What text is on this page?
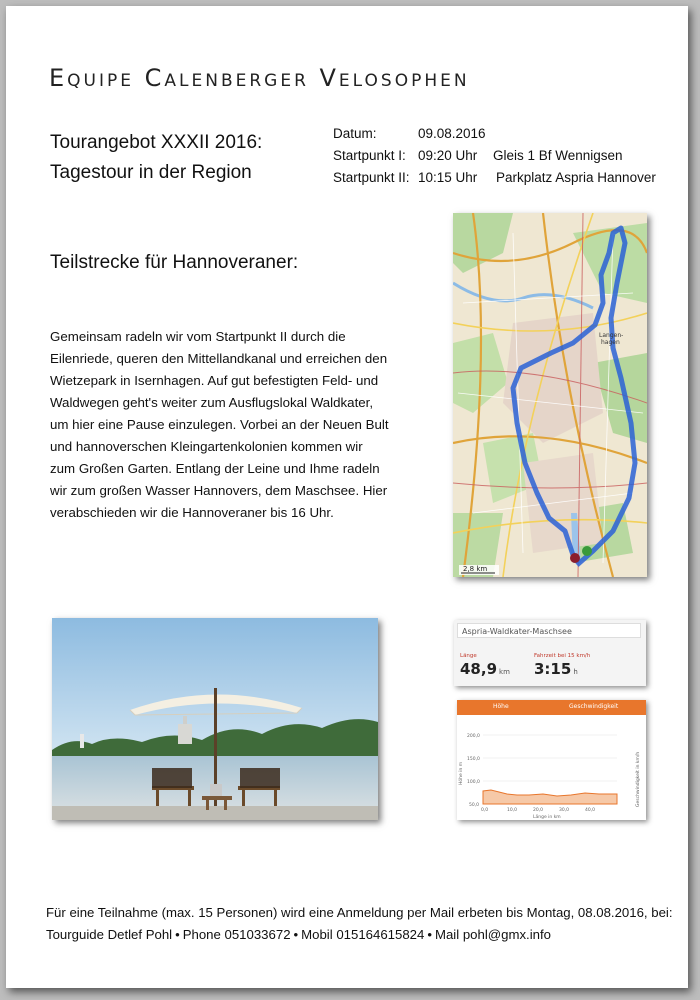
Equipe Calenberger Velosophen
Tourangebot XXXII 2016:
Tagestour in der Region
Datum:	09.08.2016
Startpunkt I: 09:20 Uhr Gleis 1 Bf Wennigsen
Startpunkt II: 10:15 Uhr Parkplatz Aspria Hannover
Teilstrecke für Hannoveraner:
Gemeinsam radeln wir vom Startpunkt II durch die Eilenriede, queren den Mittellandkanal und erreichen den Wietzepark in Isernhagen. Auf gut befestigten Feld- und Waldwegen geht's weiter zum Ausflugslokal Waldkater, um hier eine Pause einzulegen. Vorbei an der Neuen Bult und hannoverschen Kleingartenkolonien kommen wir zum Großen Garten. Entlang der Leine und Ihme radeln wir zum großen Wasser Hannovers, dem Maschsee. Hier verabschieden wir die Hannoveraner bis 16 Uhr.
2,8 km
Langen-
hagen
Aspria-Waldkater-Maschsee
Länge	Fahrzeit bei 15 km/h
48,9 km 3:15 h
Höhe	Geschwindigkeit
200,0
150,0
100,0
50,0
0,0	10,0	20,0	30,0	40,0
Länge in km
Höhe in m	Geschwindigkeit in km/h
Für eine Teilnahme (max. 15 Personen) wird eine Anmeldung per Mail erbeten bis Montag, 08.08.2016, bei:
Tourguide Detlef Pohl • Phone 051033672 • Mobil 015164615824 • Mail pohl@gmx.info
